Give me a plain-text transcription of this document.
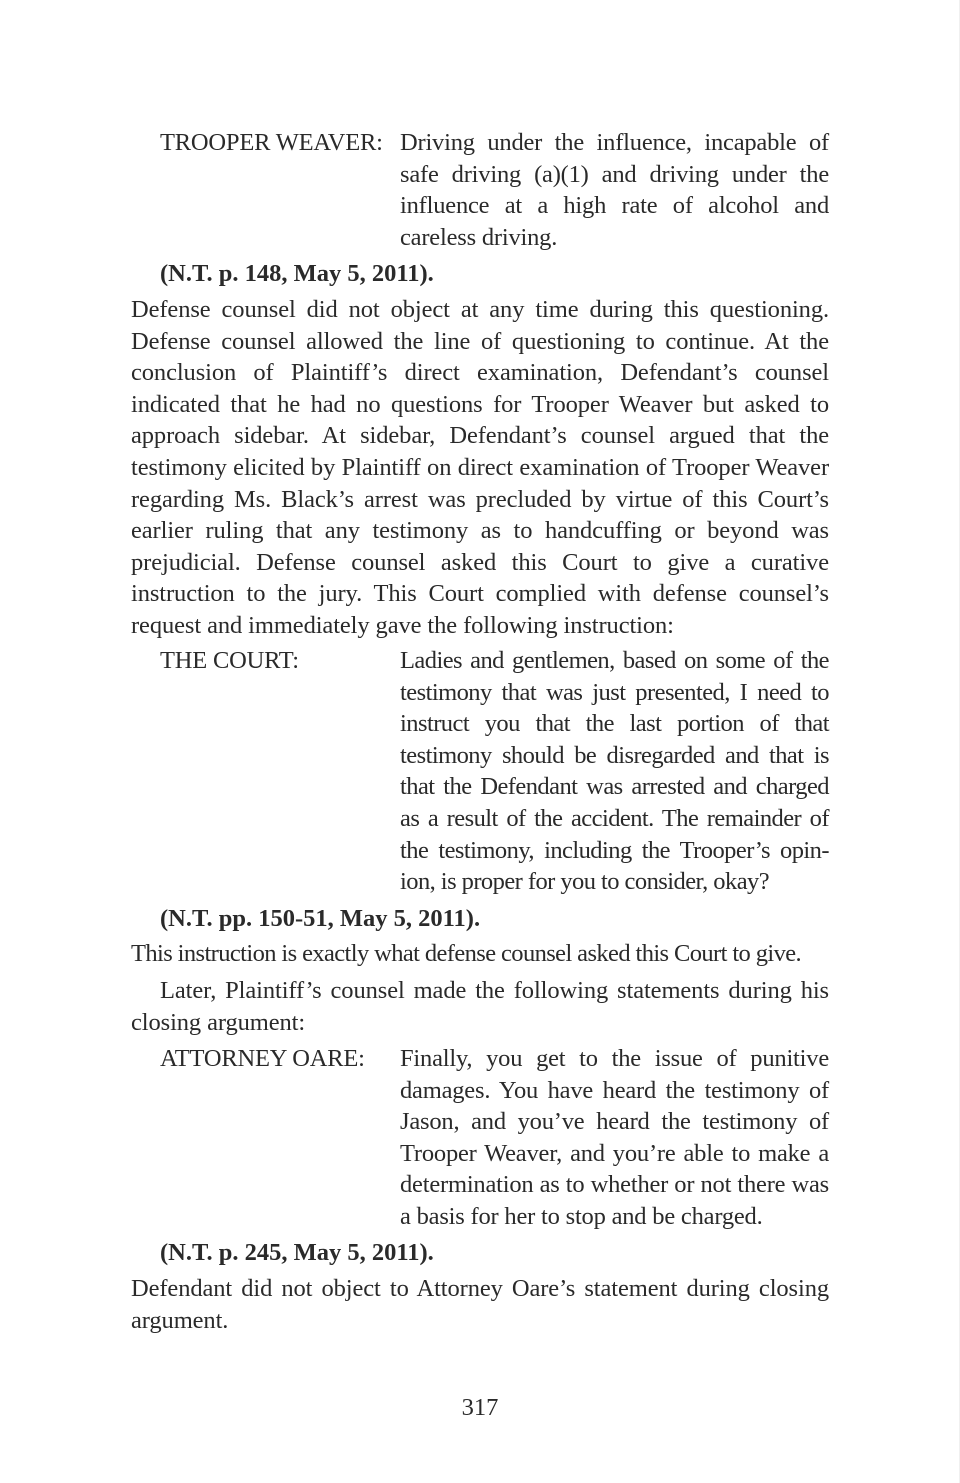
TROOPER WEAVER: Driving under the influence, incapable of safe driving (a)(1) and driving under the influence at a high rate of alcohol and careless driving.
(N.T. p. 148, May 5, 2011).
Defense counsel did not object at any time during this questioning. Defense counsel allowed the line of questioning to continue. At the conclusion of Plaintiff’s direct examination, Defendant’s counsel indicated that he had no questions for Trooper Weaver but asked to approach sidebar. At sidebar, Defendant’s counsel argued that the testimony elicited by Plaintiff on direct examination of Trooper Weaver regarding Ms. Black’s arrest was precluded by virtue of this Court’s earlier ruling that any testimony as to handcuffing or beyond was prejudicial. Defense counsel asked this Court to give a curative instruction to the jury. This Court complied with defense counsel’s request and immediately gave the following instruction:
THE COURT:	Ladies and gentlemen, based on some of the testimony that was just presented, I need to instruct you that the last portion of that testimony should be disregarded and that is that the Defendant was arrested and charged as a result of the accident. The remainder of the testimony, including the Trooper’s opin-ion, is proper for you to consider, okay?
(N.T. pp. 150-51, May 5, 2011).
This instruction is exactly what defense counsel asked this Court to give.
Later, Plaintiff’s counsel made the following statements during his closing argument:
ATTORNEY OARE: Finally, you get to the issue of punitive damages. You have heard the testimony of Jason, and you’ve heard the testimony of Trooper Weaver, and you’re able to make a determination as to whether or not there was a basis for her to stop and be charged.
(N.T. p. 245, May 5, 2011).
Defendant did not object to Attorney Oare’s statement during closing argument.
317
